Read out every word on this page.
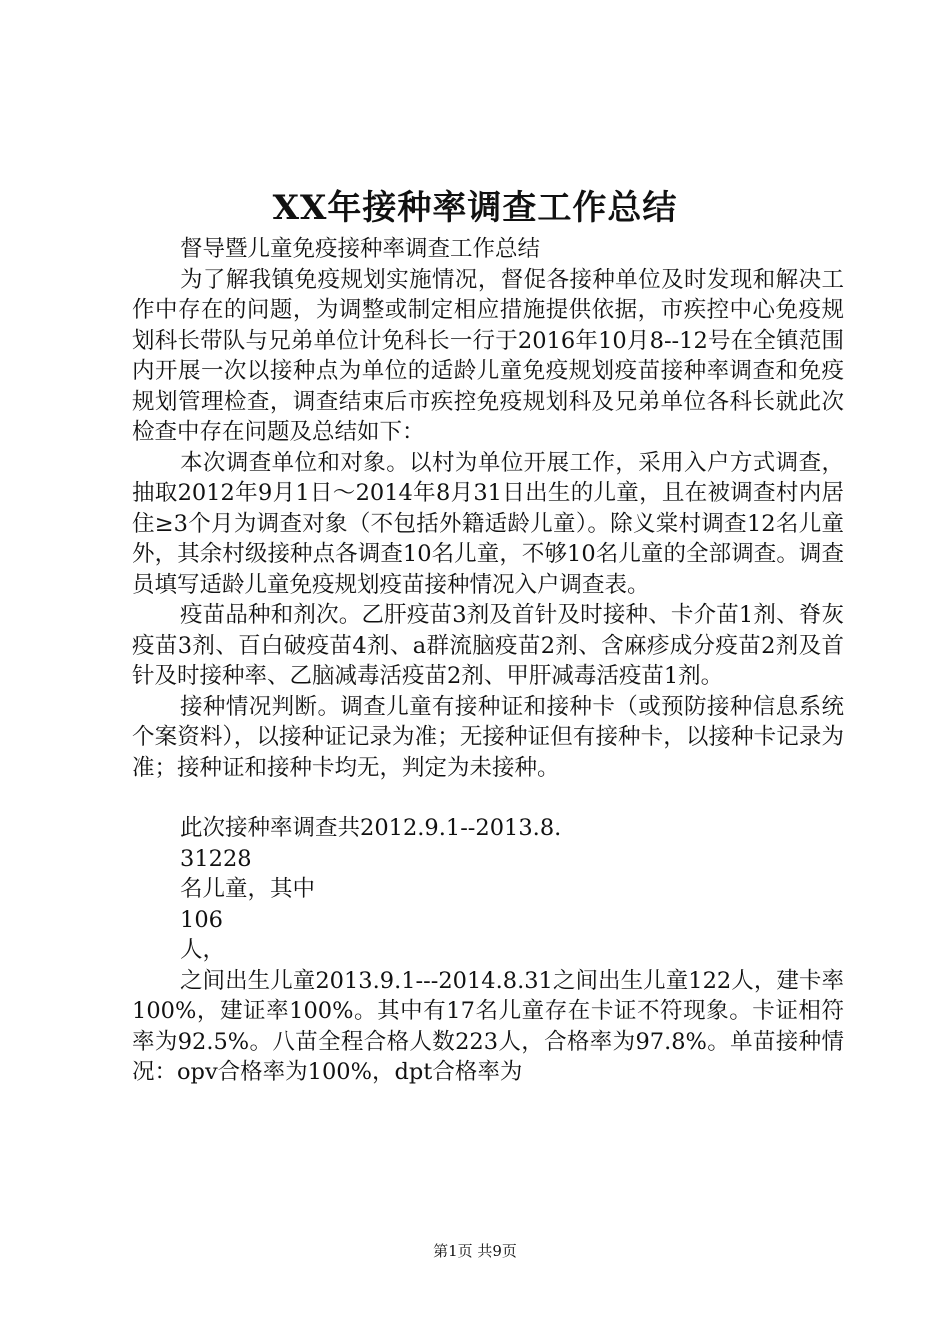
XX年接种率调查工作总结

督导暨儿童免疫接种率调查工作总结

为了解我镇免疫规划实施情况，督促各接种单位及时发现和解决工作中存在的问题，为调整或制定相应措施提供依据，市疾控中心免疫规划科长带队与兄弟单位计免科长一行于2016年10月8--12号在全镇范围内开展一次以接种点为单位的适龄儿童免疫规划疫苗接种率调查和免疫规划管理检查，调查结束后市疾控免疫规划科及兄弟单位各科长就此次检查中存在问题及总结如下：

本次调查单位和对象。以村为单位开展工作，采用入户方式调查，抽取2012年9月1日～2014年8月31日出生的儿童，且在被调查村内居住≥3个月为调查对象（不包括外籍适龄儿童）。除义棠村调查12名儿童外，其余村级接种点各调查10名儿童，不够10名儿童的全部调查。调查员填写适龄儿童免疫规划疫苗接种情况入户调查表。

疫苗品种和剂次。乙肝疫苗3剂及首针及时接种、卡介苗1剂、脊灰疫苗3剂、百白破疫苗4剂、a群流脑疫苗2剂、含麻疹成分疫苗2剂及首针及时接种率、乙脑减毒活疫苗2剂、甲肝减毒活疫苗1剂。

接种情况判断。调查儿童有接种证和接种卡（或预防接种信息系统个案资料），以接种证记录为准；无接种证但有接种卡，以接种卡记录为准；接种证和接种卡均无，判定为未接种。

此次接种率调查共2012.9.1--2013.8.

31228

名儿童，其中

106

人，

之间出生儿童2013.9.1---2014.8.31之间出生儿童122人，建卡率100%，建证率100%。其中有17名儿童存在卡证不符现象。卡证相符率为92.5%。八苗全程合格人数223人，合格率为97.8%。单苗接种情况：opv合格率为100%，dpt合格率为

第1页 共9页
